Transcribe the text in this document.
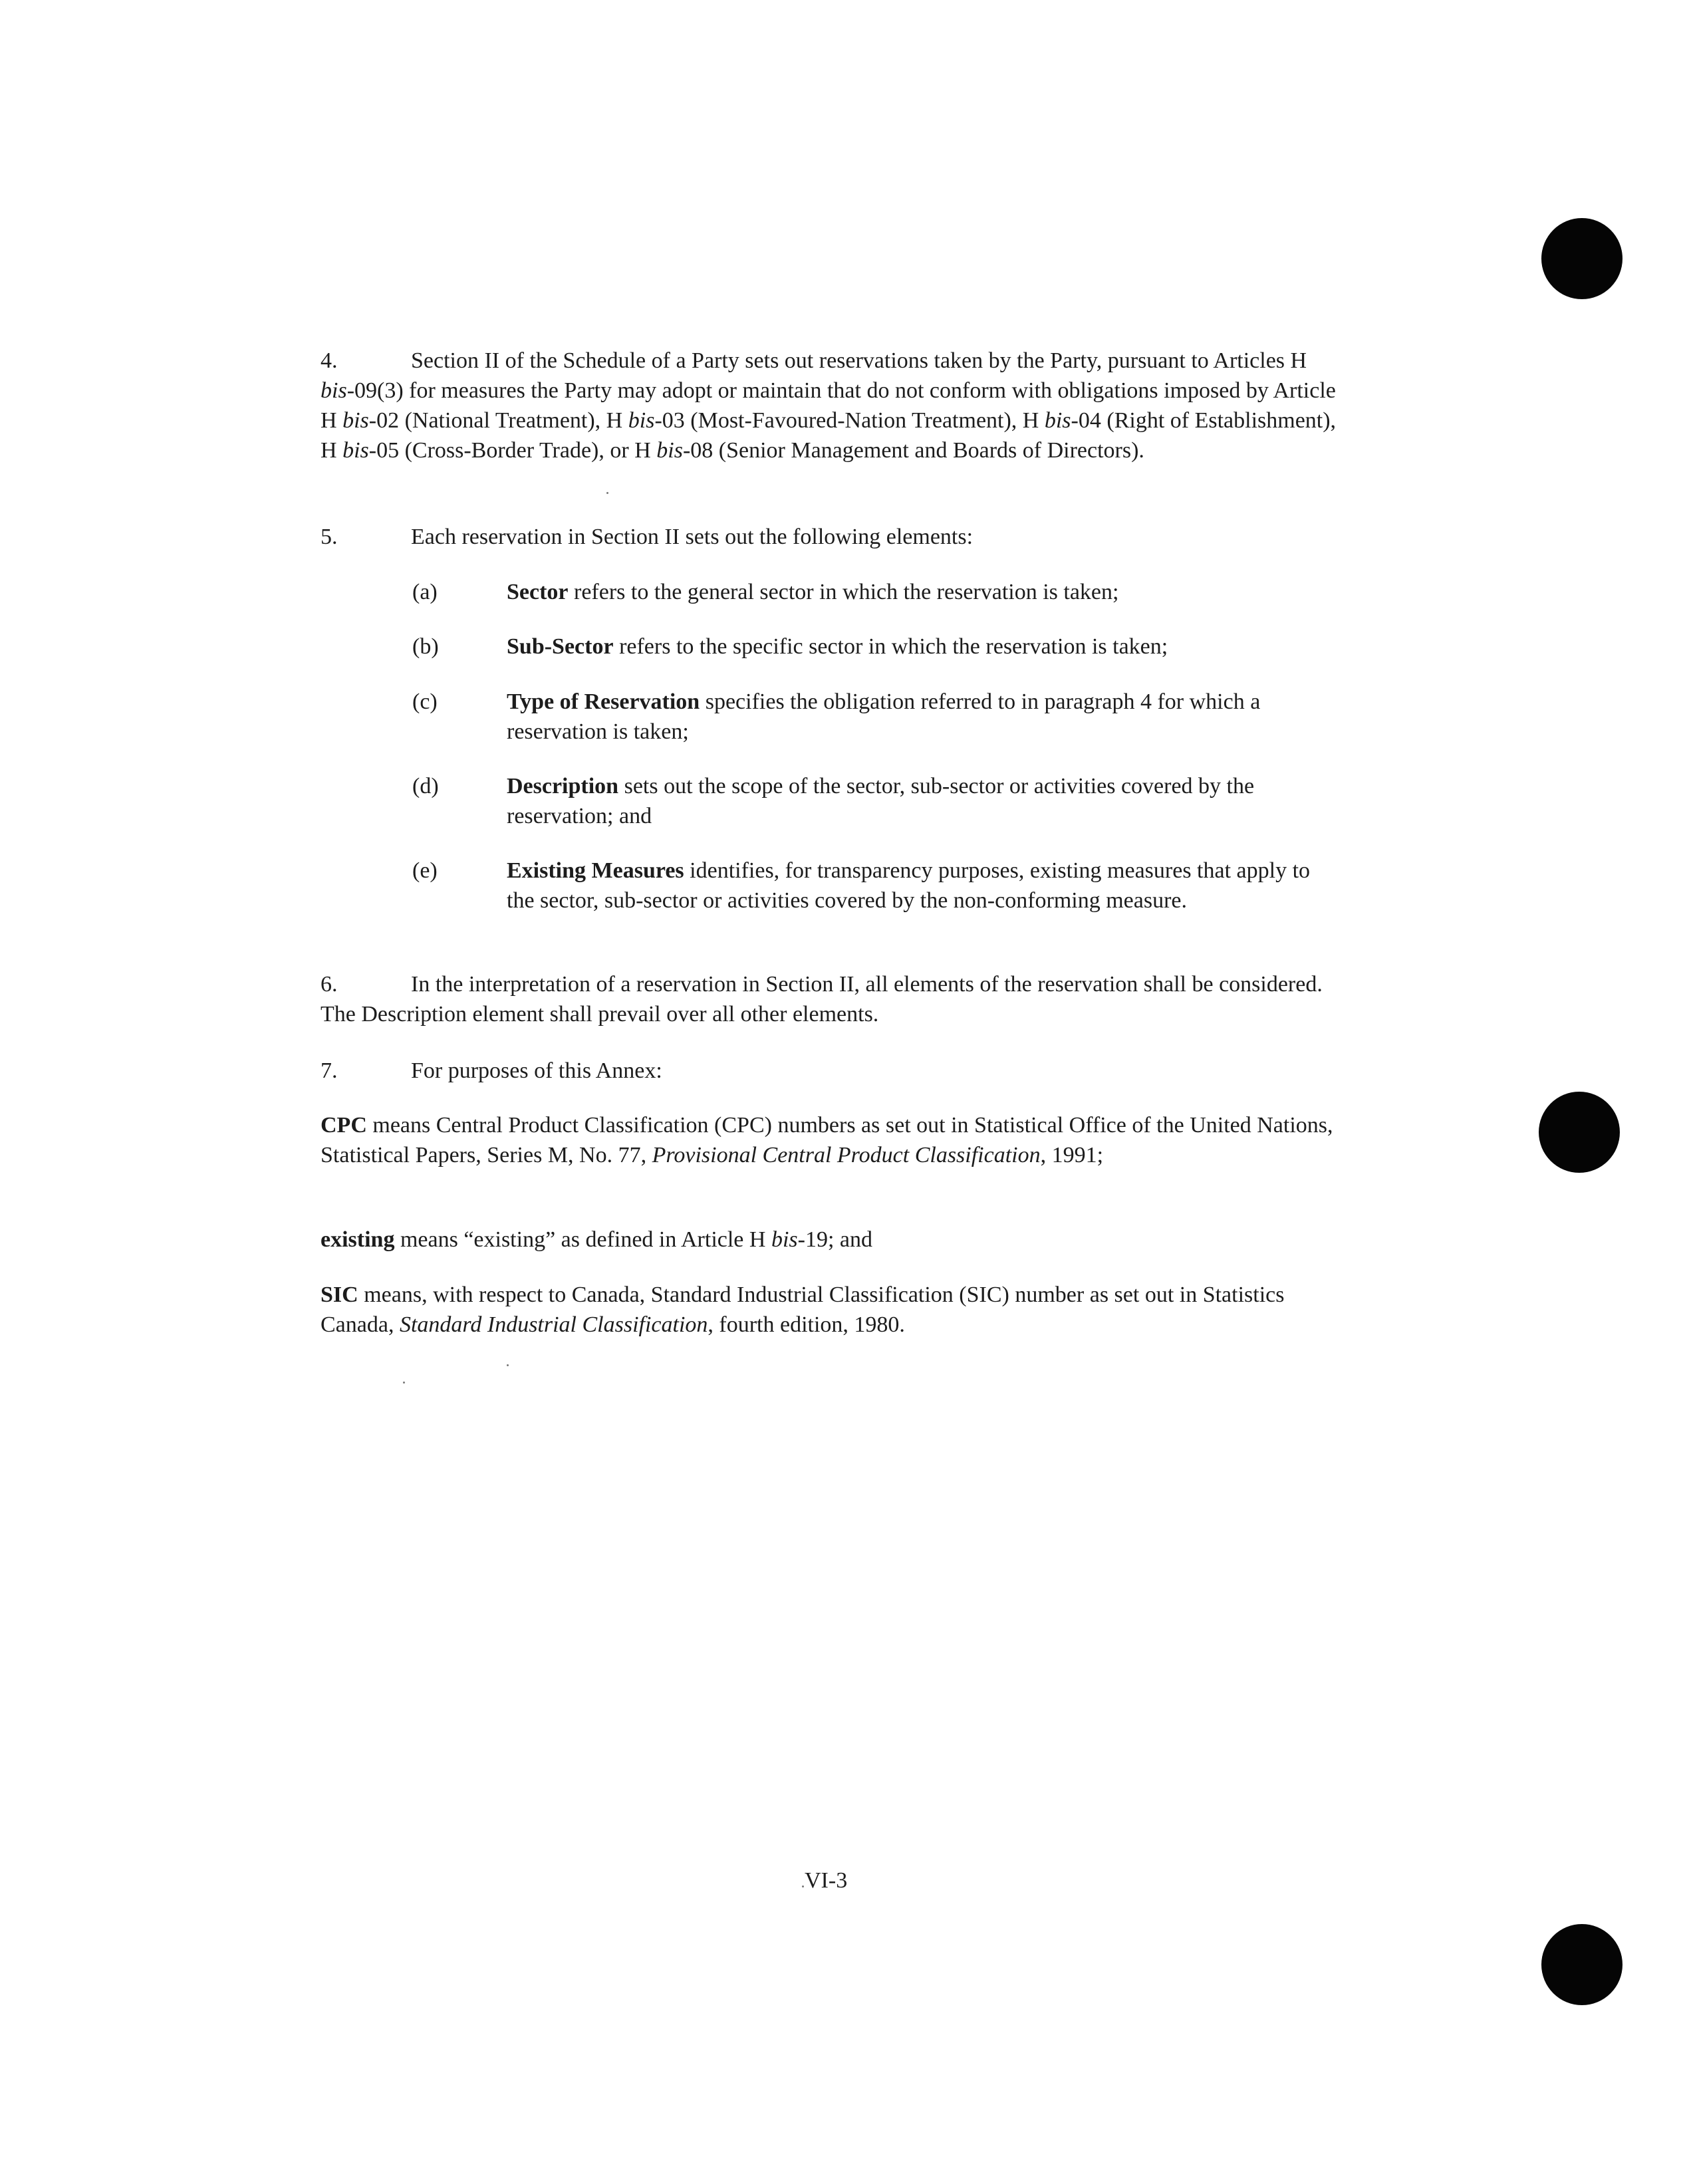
4.	Section II of the Schedule of a Party sets out reservations taken by the Party, pursuant to Articles H bis-09(3) for measures the Party may adopt or maintain that do not conform with obligations imposed by Article H bis-02 (National Treatment), H bis-03 (Most-Favoured-Nation Treatment), H bis-04 (Right of Establishment), H bis-05 (Cross-Border Trade), or H bis-08 (Senior Management and Boards of Directors).

5.	Each reservation in Section II sets out the following elements:

(a)	Sector refers to the general sector in which the reservation is taken;
(b)	Sub-Sector refers to the specific sector in which the reservation is taken;
(c)	Type of Reservation specifies the obligation referred to in paragraph 4 for which a reservation is taken;
(d)	Description sets out the scope of the sector, sub-sector or activities covered by the reservation; and
(e)	Existing Measures identifies, for transparency purposes, existing measures that apply to the sector, sub-sector or activities covered by the non-conforming measure.

6.	In the interpretation of a reservation in Section II, all elements of the reservation shall be considered. The Description element shall prevail over all other elements.

7.	For purposes of this Annex:

CPC means Central Product Classification (CPC) numbers as set out in Statistical Office of the United Nations, Statistical Papers, Series M, No. 77, Provisional Central Product Classification, 1991;

existing means “existing” as defined in Article H bis-19; and

SIC means, with respect to Canada, Standard Industrial Classification (SIC) number as set out in Statistics Canada, Standard Industrial Classification, fourth edition, 1980.

VI-3
